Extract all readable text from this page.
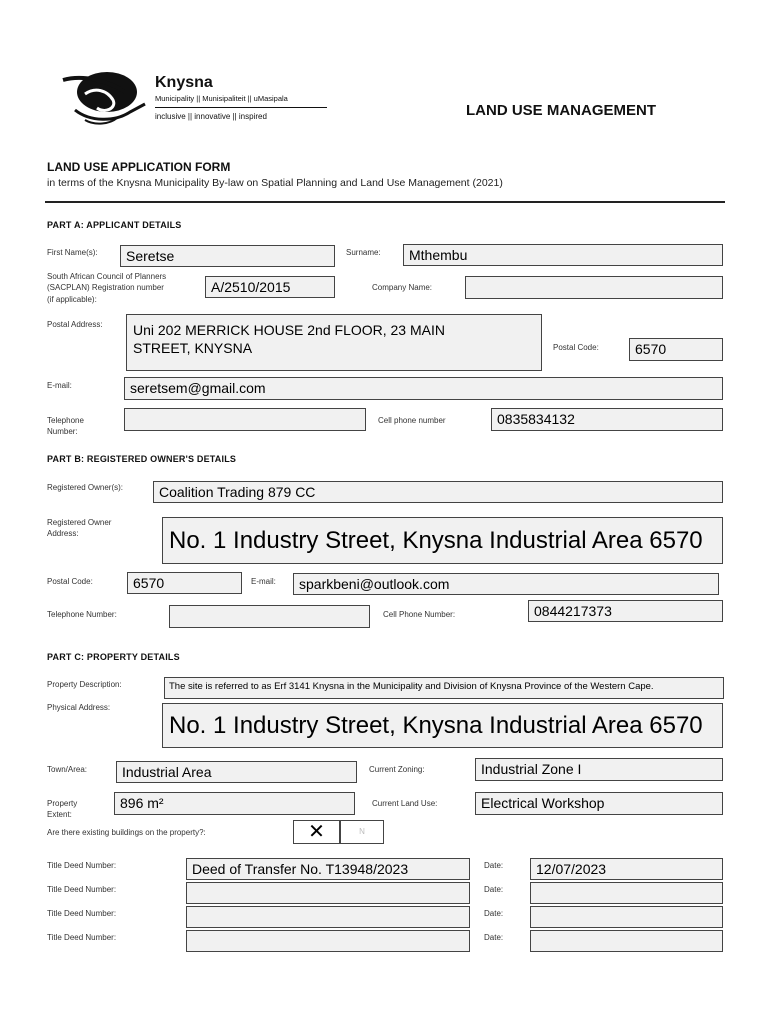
Knysna
Municipality || Munisipaliteit || uMasipala
inclusive || innovative || inspired	LAND USE MANAGEMENT
LAND USE APPLICATION FORM
in terms of the Knysna Municipality By-law on Spatial Planning and Land Use Management (2021)
PART A: APPLICANT DETAILS
First Name(s):	Seretse	Surname:	Mthembu
South African Council of Planners
(SACPLAN) Registration number
(if applicable):
A/2510/2015	Company Name:
Postal Address: Uni 202 MERRICK HOUSE 2nd FLOOR, 23 MAIN
STREET, KNYSNA	Postal Code:	6570
E-mail:	seretsem@gmail.com
Telephone
Number:
Cell phone number	0835834132
PART B: REGISTERED OWNER'S DETAILS
Registered Owner(s):	Coalition Trading 879 CC
Registered Owner
Address:	No. 1 Industry Street, Knysna Industrial Area 6570
Postal Code:	6570	E-mail:	sparkbeni@outlook.com
Telephone Number:	Cell Phone Number:	0844217373
PART C: PROPERTY DETAILS
Property Description:	The site is referred to as Erf 3141 Knysna in the Municipality and Division of Knysna Province of the Western Cape.
Physical Address:
No. 1 Industry Street, Knysna Industrial Area 6570
Town/Area:	Industrial Area	Current Zoning:	Industrial Zone I
Property
Extent:
896 m²	Current Land Use:	Electrical Workshop
Are there existing buildings on the property?:	✕	N
Title Deed Number:	Deed of Transfer No. T13948/2023	Date:	12/07/2023
Title Deed Number:	Date:
Title Deed Number:	Date:
Title Deed Number:	Date:
